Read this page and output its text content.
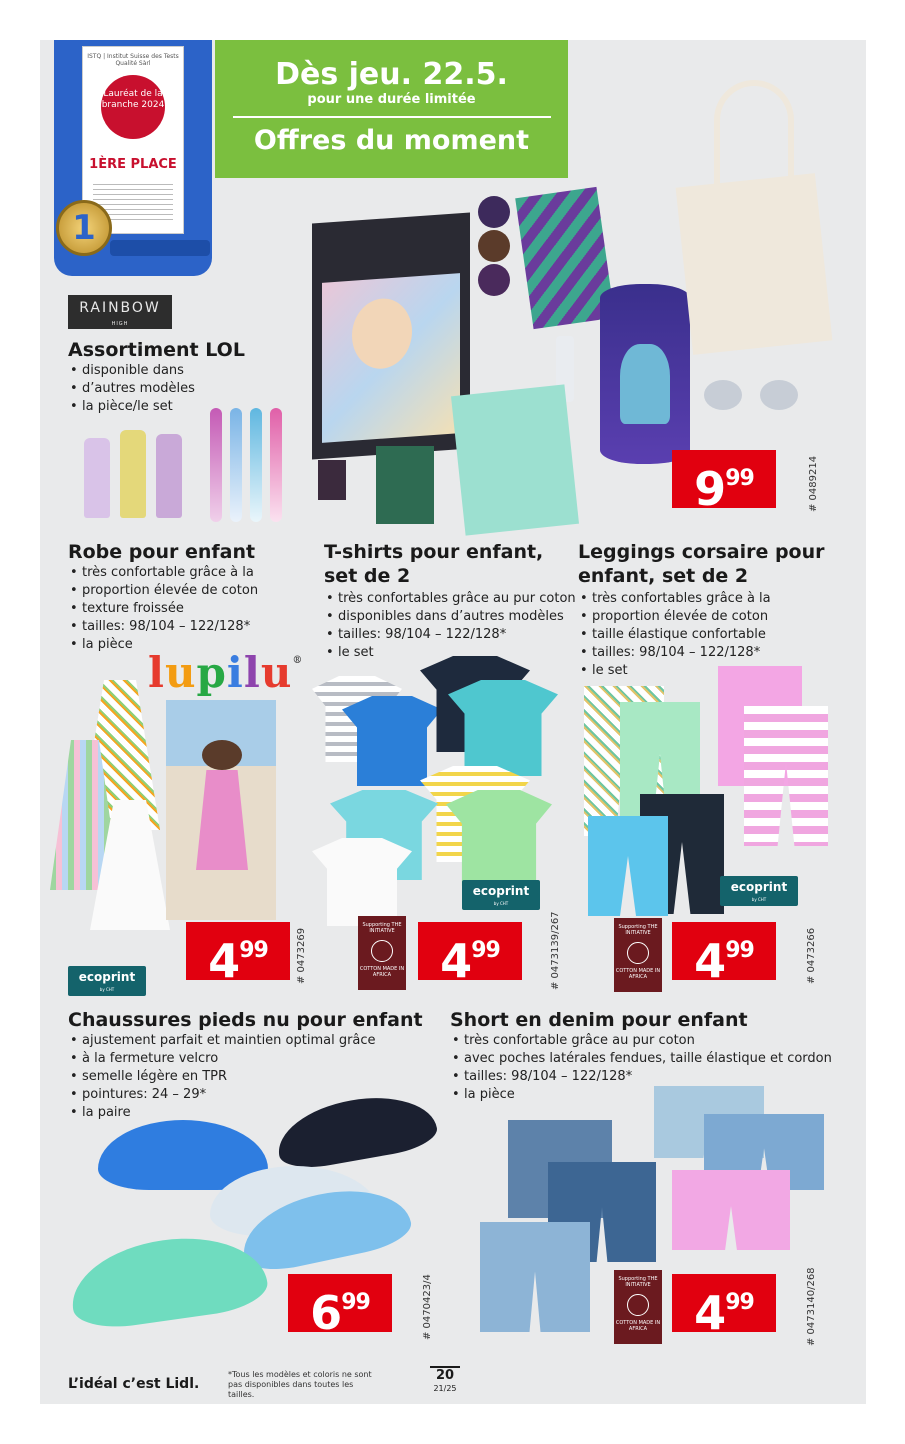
ISTQ | Institut Suisse des Tests Qualité Sàrl
Lauréat de la branche 2024
1ÈRE PLACE
1
Dès jeu. 22.5.
pour une durée limitée
Offres du moment
RAINBOW
HIGH
Assortiment LOL
• disponible dans
• d’autres modèles
• la pièce/le set
999	# 0489214
Robe pour enfant
• très confortable grâce à la
• proportion élevée de coton
• texture froissée
• tailles: 98/104 – 122/128*
• la pièce
lupilu®
ecoprint
by CHT
499	# 0473269
T-shirts pour enfant,
set de 2
• très confortables grâce au pur coton
• disponibles dans d’autres modèles
• tailles: 98/104 – 122/128*
• le set
ecoprint
by CHT
Supporting THE INITIATIVE
COTTON MADE IN AFRICA	499	# 0473139/267
Leggings corsaire pour
enfant, set de 2
• très confortables grâce à la
• proportion élevée de coton
• taille élastique confortable
• tailles: 98/104 – 122/128*
• le set
ecoprint
by CHT
Supporting THE INITIATIVE
COTTON MADE IN AFRICA	499	# 0473266
Chaussures pieds nu pour enfant
• ajustement parfait et maintien optimal grâce
• à la fermeture velcro
• semelle légère en TPR
• pointures: 24 – 29*
• la paire
699	# 0470423/4
Short en denim pour enfant
• très confortable grâce au pur coton
• avec poches latérales fendues, taille élastique et cordon
• tailles: 98/104 – 122/128*
• la pièce
Supporting THE INITIATIVE
COTTON MADE IN AFRICA	499	# 0473140/268
L’idéal c’est Lidl.
*Tous les modèles et coloris ne sont pas disponibles dans toutes les tailles.
20
21/25
